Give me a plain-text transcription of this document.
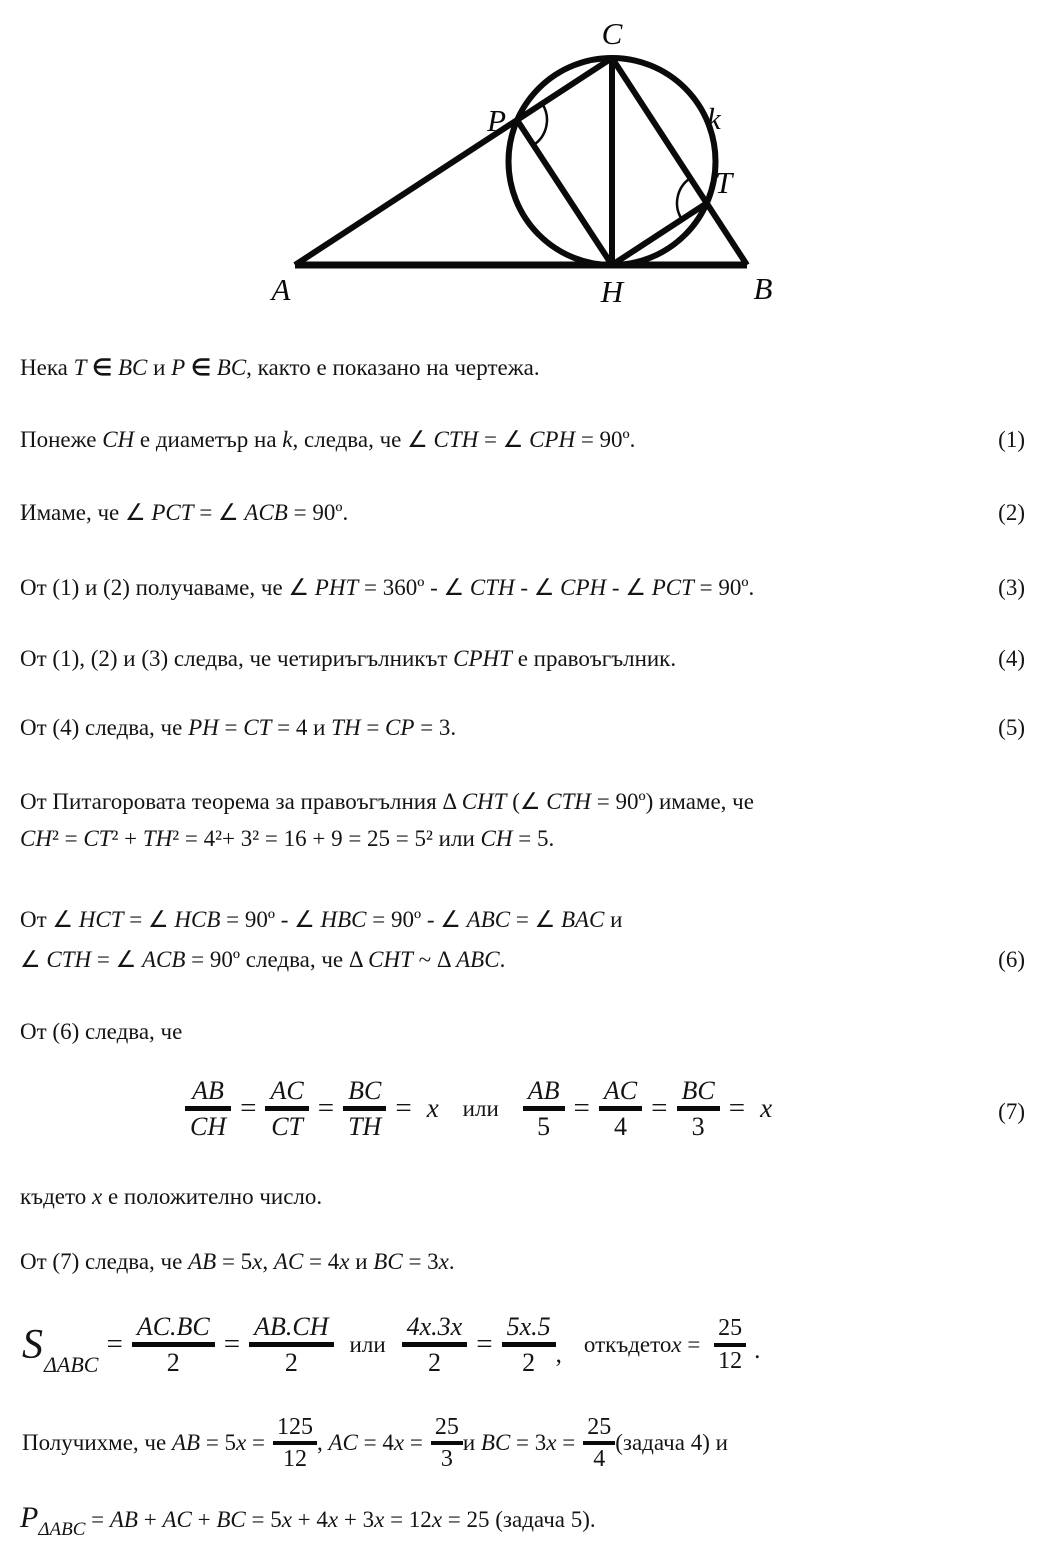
C
P	k
T
A	H	B

Нека T ∈ BC и P ∈ BC, както е показано на чертежа.

Понеже CH е диаметър на k, следва, че ∠ CTH = ∠ CPH = 90º.

Имаме, че ∠ PCT = ∠ ACB = 90º.

От (1) и (2) получаваме, че ∠ PHT = 360º - ∠ CTH - ∠ CPH - ∠ PCT = 90º.

От (1), (2) и (3) следва, че четириъгълникът CPHT е правоъгълник.

От (4) следва, че PH = CT = 4 и TH = CP = 3.

От Питагоровата теорема за правоъгълния Δ CHT (∠ CTH = 90º) имаме, че

CH² = CT² + TH² = 4²+ 3² = 16 + 9 = 25 = 5² или CH = 5.

От ∠ HCT = ∠ HCB = 90º - ∠ HBC = 90º - ∠ ABC = ∠ BAC и

∠ CTH = ∠ ACB = 90º следва, че Δ CHT ~ Δ ABC.

От (6) следва, че

където x е положително число.

От (7) следва, че AB = 5x, AC = 4x и BC = 3x.

(1)
(2)
(3)
(4)
(5)
(6)
(7)
AB
CH
=
AC
CT
=
BC
TH
= x или
AB
5
=
AC
4
=
BC
3
= x
S ΔABC
=
AC.BC
2
=
AB.CH
2
или
4x.3x
2
=
5x.5
2 , откъдето $x = \frac{25}{12}$ .
Получихме, че AB = $5x = \frac{125}{12}$ , AC = $4x = \frac{25}{3}$ и BC = $3x = \frac{25}{4}$ (задача 4) и

$P_{\Delta ABC}$ = AB + AC + BC = 5x + 4x + 3x = 12x = 25 (задача 5).
